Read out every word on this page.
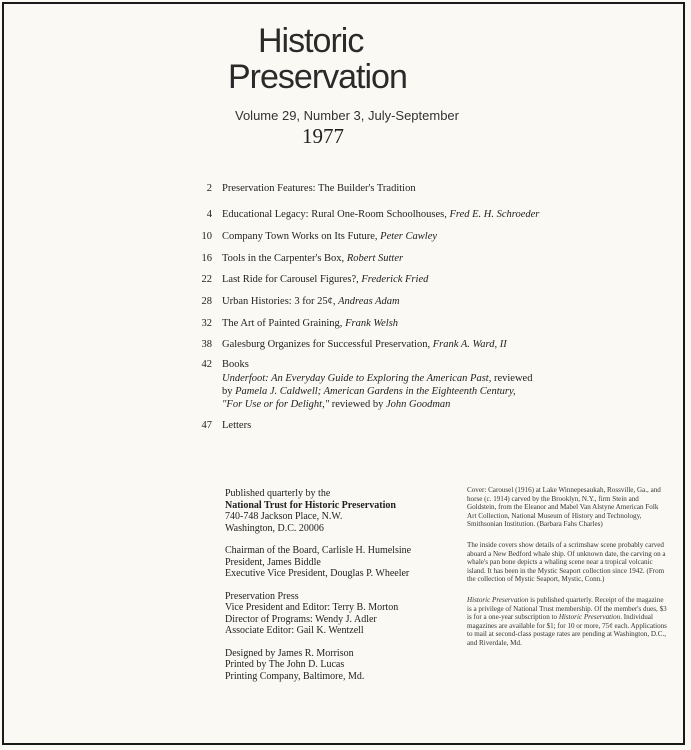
Historic
Preservation
Volume 29, Number 3, July-September
1977
2 Preservation Features: The Builder's Tradition
4 Educational Legacy: Rural One-Room Schoolhouses, Fred E. H. Schroeder
10 Company Town Works on Its Future, Peter Cawley
16 Tools in the Carpenter's Box, Robert Sutter
22 Last Ride for Carousel Figures?, Frederick Fried
28 Urban Histories: 3 for 25¢, Andreas Adam
32 The Art of Painted Graining, Frank Welsh
38 Galesburg Organizes for Successful Preservation, Frank A. Ward, II
42 Books
Underfoot: An Everyday Guide to Exploring the American Past, reviewed
by Pamela J. Caldwell; American Gardens in the Eighteenth Century,
"For Use or for Delight," reviewed by John Goodman
47 Letters
Published quarterly by the
National Trust for Historic Preservation
740-748 Jackson Place, N.W.
Washington, D.C. 20006
Chairman of the Board, Carlisle H. Humelsine
President, James Biddle
Executive Vice President, Douglas P. Wheeler
Preservation Press
Vice President and Editor: Terry B. Morton
Director of Programs: Wendy J. Adler
Associate Editor: Gail K. Wentzell
Designed by James R. Morrison
Printed by The John D. Lucas
Printing Company, Baltimore, Md.

Cover: Carousel (1916) at Lake Winnepesaukah, Rossville, Ga., and horse (c. 1914) carved by the Brooklyn, N.Y., firm Stein and Goldstein, from the Eleanor and Mabel Van Alstyne American Folk Art Collection, National Museum of History and Technology, Smithsonian Institution. (Barbara Fahs Charles)

The inside covers show details of a scrimshaw scene probably carved aboard a New Bedford whale ship. Of unknown date, the carving on a whale's pan bone depicts a whaling scene near a tropical volcanic island. It has been in the Mystic Seaport collection since 1942. (From the collection of Mystic Seaport, Mystic, Conn.)

Historic Preservation is published quarterly. Receipt of the magazine is a privilege of National Trust membership. Of the member's dues, $3 is for a one-year subscription to Historic Preservation. Individual magazines are available for $1; for 10 or more, 75¢ each. Applications to mail at second-class postage rates are pending at Washington, D.C., and Riverdale, Md.
